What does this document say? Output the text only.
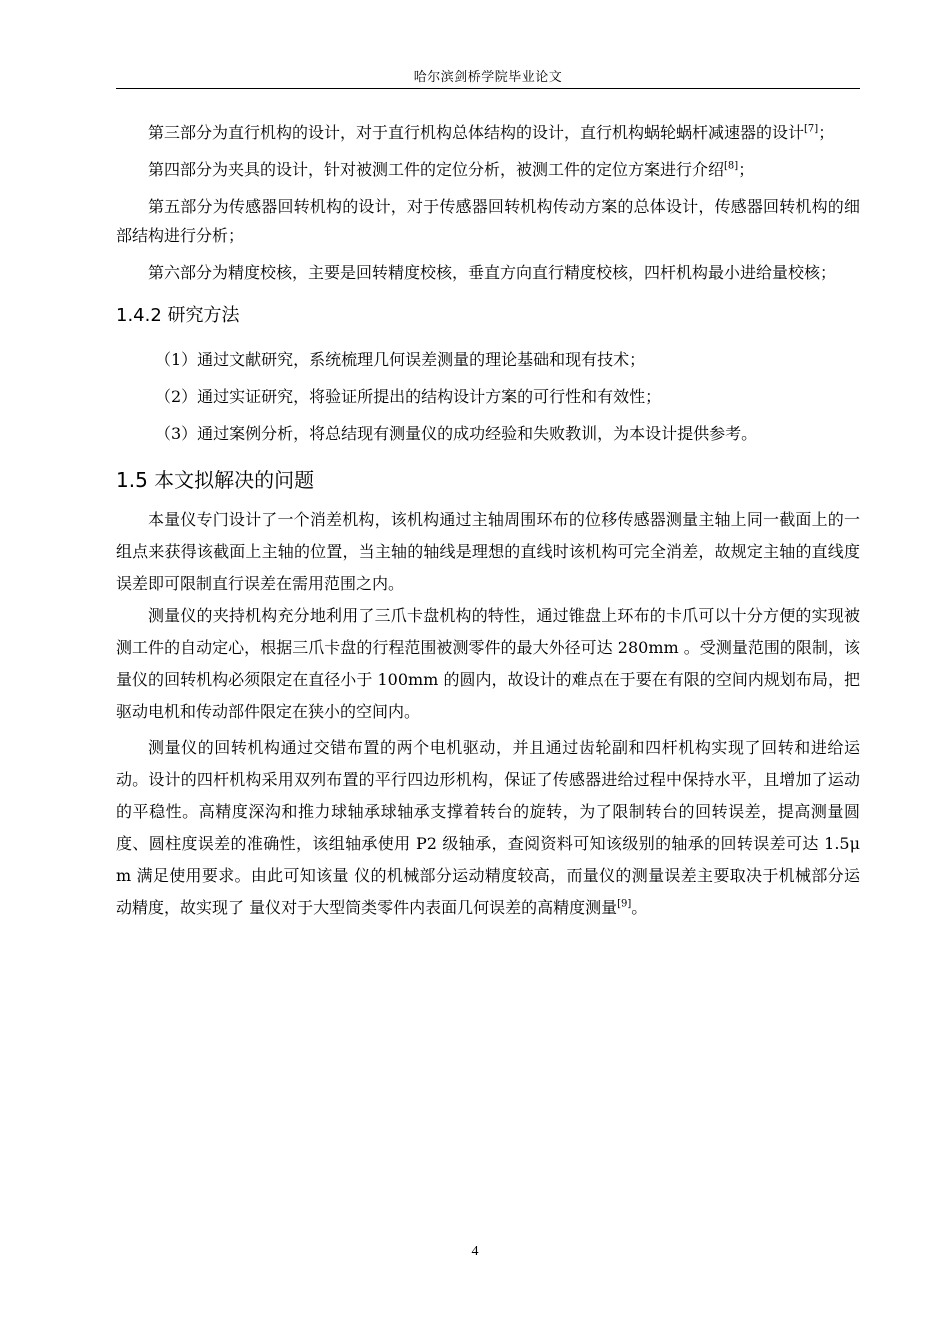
哈尔滨剑桥学院毕业论文

第三部分为直行机构的设计，对于直行机构总体结构的设计，直行机构蜗轮蜗杆减速器的设计[7]；

第四部分为夹具的设计，针对被测工件的定位分析，被测工件的定位方案进行介绍[8]；

第五部分为传感器回转机构的设计，对于传感器回转机构传动方案的总体设计，传感器回转机构的细部结构进行分析；

第六部分为精度校核，主要是回转精度校核，垂直方向直行精度校核，四杆机构最小进给量校核；

1.4.2 研究方法
（1）通过文献研究，系统梳理几何误差测量的理论基础和现有技术；
（2）通过实证研究，将验证所提出的结构设计方案的可行性和有效性；
（3）通过案例分析，将总结现有测量仪的成功经验和失败教训，为本设计提供参考。
1.5 本文拟解决的问题

本量仪专门设计了一个消差机构，该机构通过主轴周围环布的位移传感器测量主轴上同一截面上的一组点来获得该截面上主轴的位置，当主轴的轴线是理想的直线时该机构可完全消差，故规定主轴的直线度误差即可限制直行误差在需用范围之内。

测量仪的夹持机构充分地利用了三爪卡盘机构的特性，通过锥盘上环布的卡爪可以十分方便的实现被测工件的自动定心，根据三爪卡盘的行程范围被测零件的最大外径可达 280mm 。受测量范围的限制，该量仪的回转机构必须限定在直径小于 100mm 的圆内，故设计的难点在于要在有限的空间内规划布局，把驱动电机和传动部件限定在狭小的空间内。

测量仪的回转机构通过交错布置的两个电机驱动，并且通过齿轮副和四杆机构实现了回转和进给运动。设计的四杆机构采用双列布置的平行四边形机构，保证了传感器进给过程中保持水平，且增加了运动的平稳性。高精度深沟和推力球轴承球轴承支撑着转台的旋转，为了限制转台的回转误差，提高测量圆度、圆柱度误差的准确性，该组轴承使用 P2 级轴承，查阅资料可知该级别的轴承的回转误差可达 1.5μ m 满足使用要求。由此可知该量 仪的机械部分运动精度较高，而量仪的测量误差主要取决于机械部分运动精度，故实现了 量仪对于大型筒类零件内表面几何误差的高精度测量[9]。

4
